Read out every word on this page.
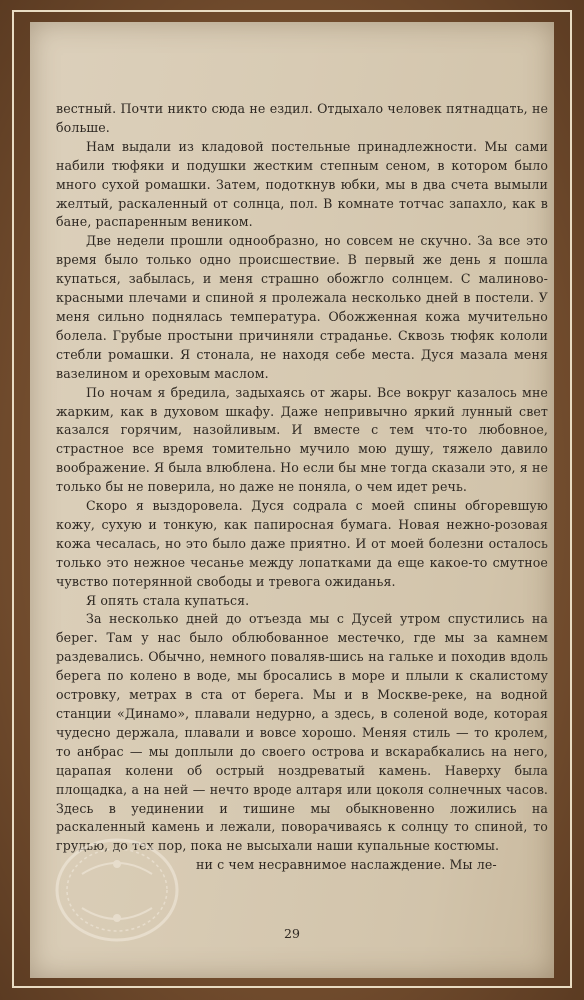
вестный. Почти никто сюда не ездил. Отдыхало человек пятнадцать, не больше.

Нам выдали из кладовой постельные принадлежности. Мы сами набили тюфяки и подушки жестким степным сеном, в котором было много сухой ромашки. Затем, подоткнув юбки, мы в два счета вымыли желтый, раскаленный от солнца, пол. В комнате тотчас запахло, как в бане, распаренным веником.

Две недели прошли однообразно, но совсем не скучно. За все это время было только одно происшествие. В первый же день я пошла купаться, забылась, и меня страшно обожгло солнцем. С малиново-красными плечами и спиной я пролежала несколько дней в постели. У меня сильно поднялась температура. Обожженная кожа мучительно болела. Грубые простыни причиняли страданье. Сквозь тюфяк кололи стебли ромашки. Я стонала, не находя себе места. Дуся мазала меня вазелином и ореховым маслом.

По ночам я бредила, задыхаясь от жары. Все вокруг казалось мне жарким, как в духовом шкафу. Даже непривычно яркий лунный свет казался горячим, назойливым. И вместе с тем что-то любовное, страстное все время томительно мучило мою душу, тяжело давило воображение. Я была влюблена. Но если бы мне тогда сказали это, я не только бы не поверила, но даже не поняла, о чем идет речь.

Скоро я выздоровела. Дуся содрала с моей спины обгоревшую кожу, сухую и тонкую, как папиросная бумага. Новая нежно-розовая кожа чесалась, но это было даже приятно. И от моей болезни осталось только это нежное чесанье между лопатками да еще какое-то смутное чувство потерянной свободы и тревога ожиданья.

Я опять стала купаться.

За несколько дней до отъезда мы с Дусей утром спустились на берег. Там у нас было облюбованное местечко, где мы за камнем раздевались. Обычно, немного поваляв-шись на гальке и походив вдоль берега по колено в воде, мы бросались в море и плыли к скалистому островку, метрах в ста от берега. Мы и в Москве-реке, на водной станции «Динамо», плавали недурно, а здесь, в соленой воде, которая чудесно держала, плавали и вовсе хорошо. Меняя стиль — то кролем, то анбрас — мы доплыли до своего острова и вскарабкались на него, царапая колени об острый ноздреватый камень. Наверху была площадка, а на ней — нечто вроде алтаря или цоколя солнечных часов. Здесь в уединении и тишине мы обыкновенно ложились на раскаленный камень и лежали, поворачиваясь к солнцу то спиной, то грудью, до тех пор, пока не высыхали наши купальные костюмы.

ни с чем несравнимое наслаждение. Мы ле-

29
